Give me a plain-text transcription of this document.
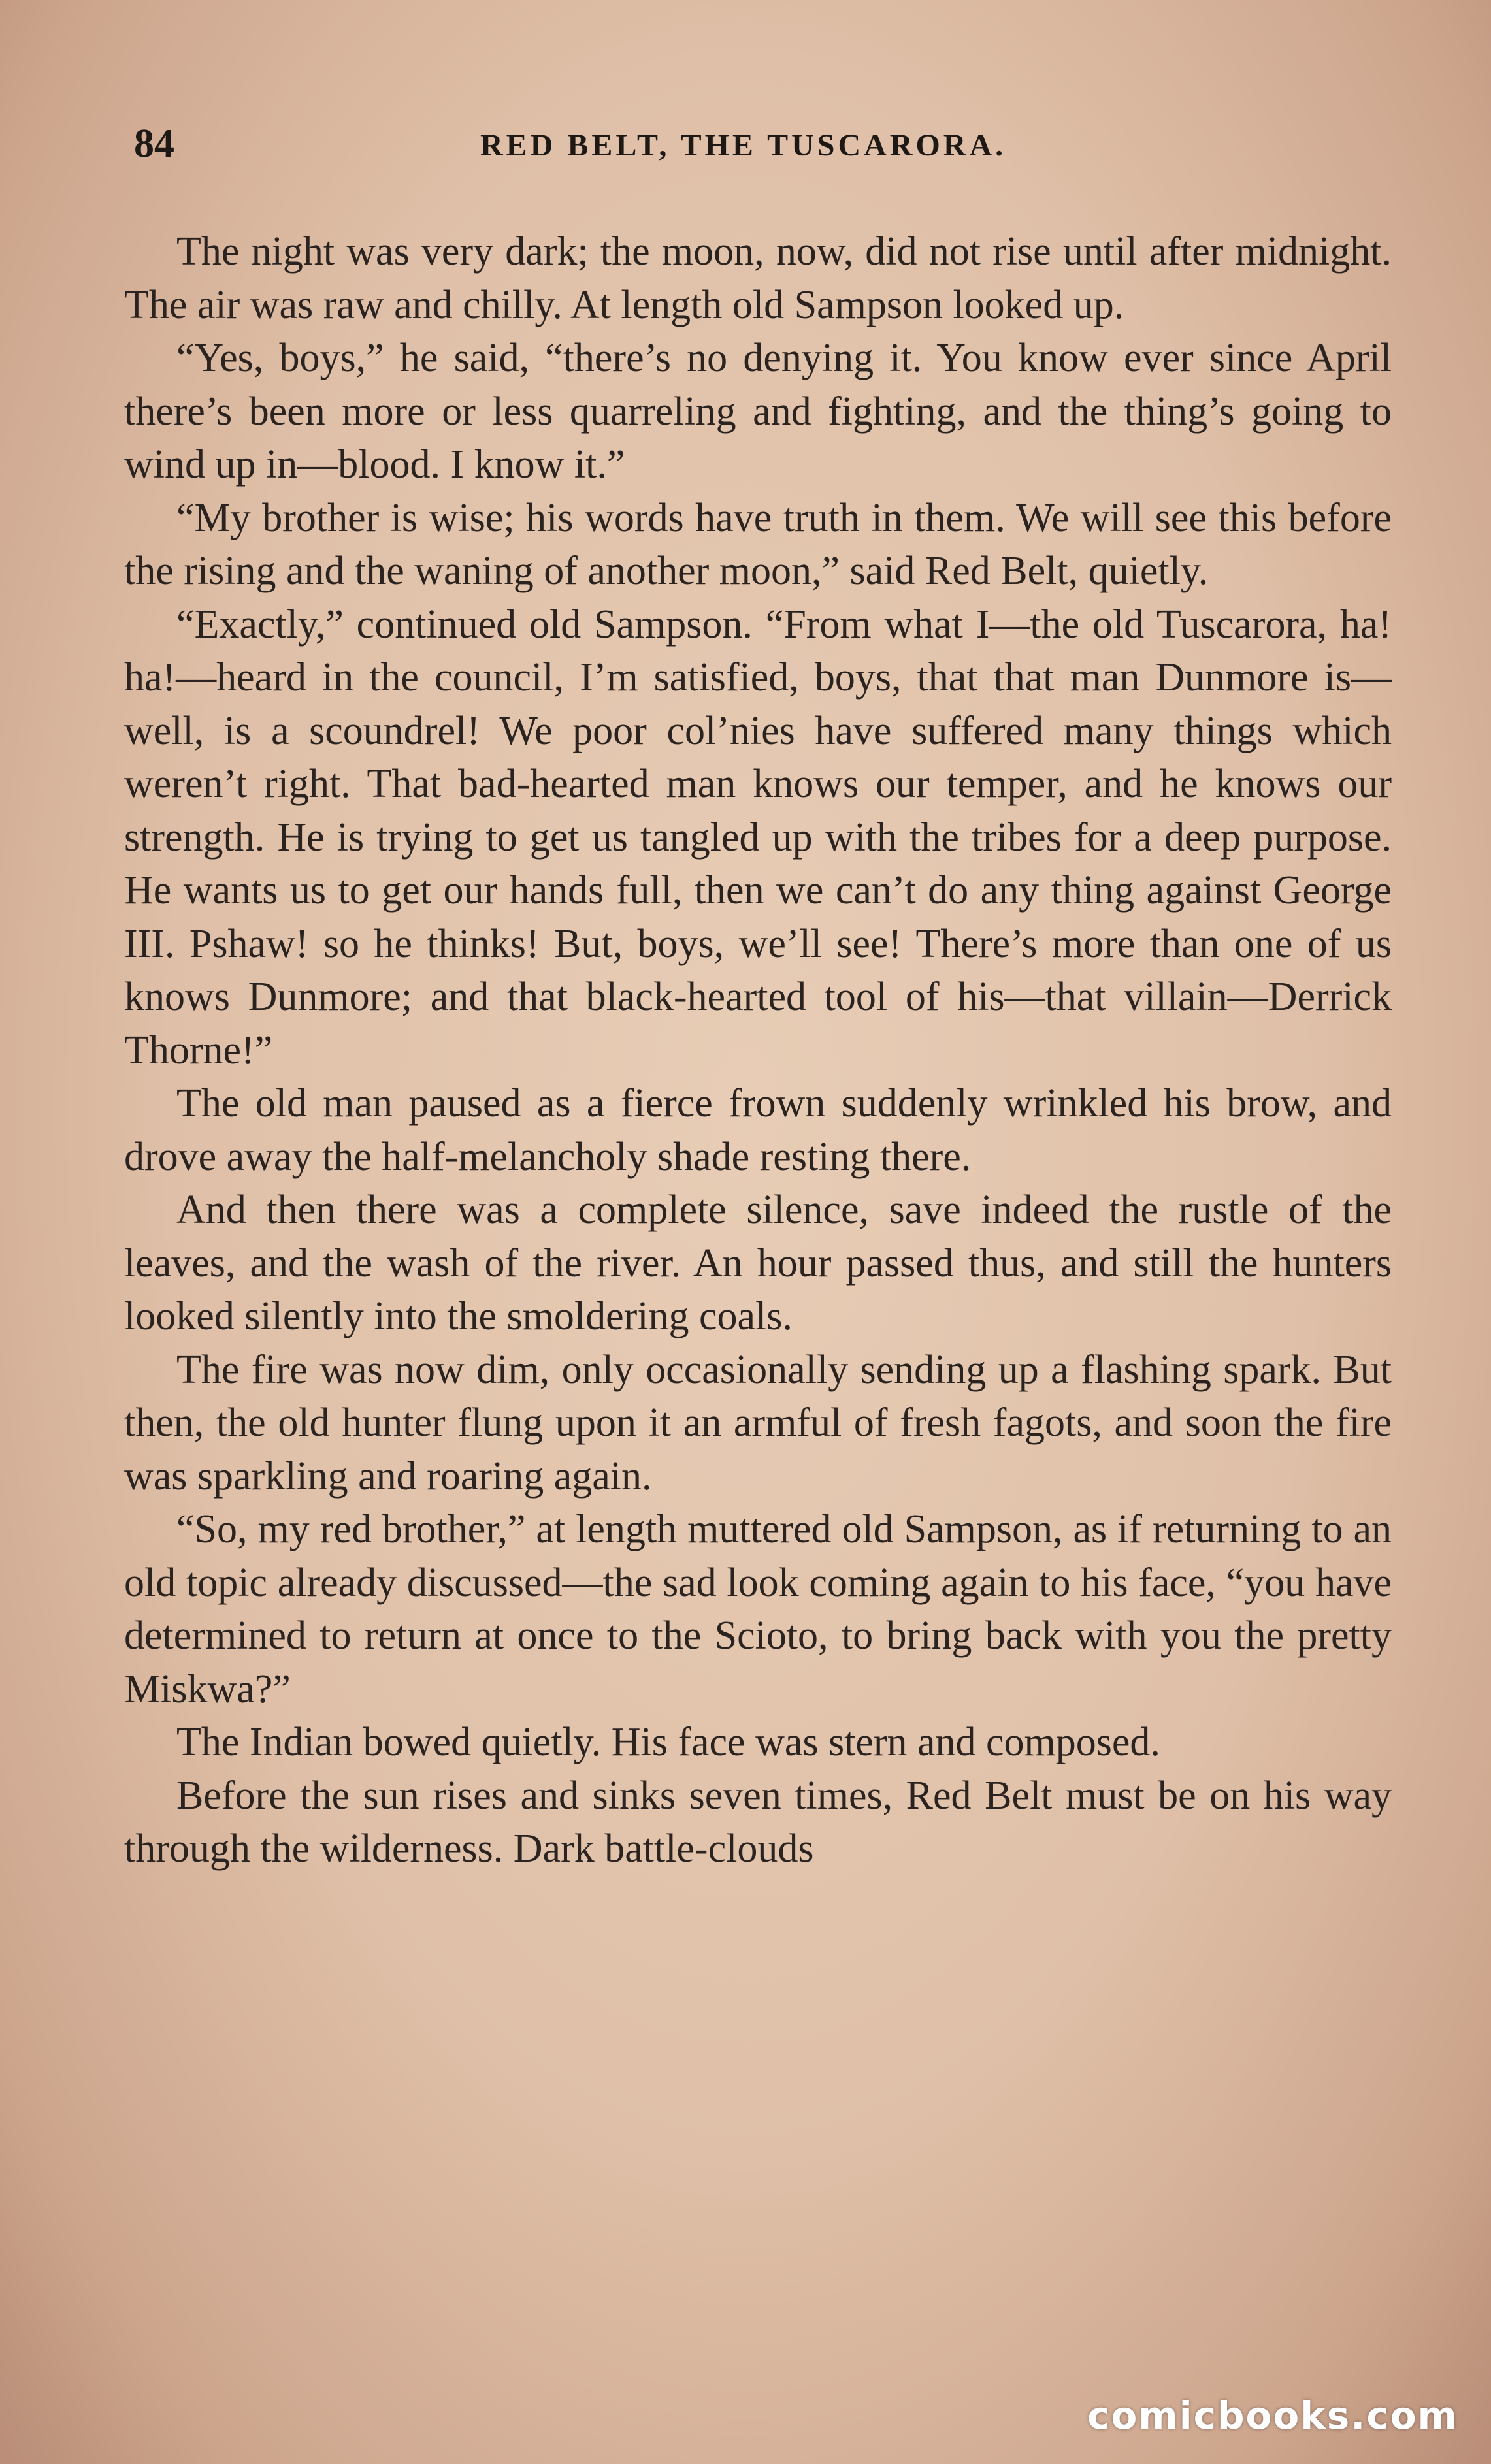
84	RED BELT, THE TUSCARORA.

The night was very dark; the moon, now, did not rise until after midnight. The air was raw and chilly. At length old Sampson looked up.

“Yes, boys,” he said, “there’s no denying it. You know ever since April there’s been more or less quarreling and fighting, and the thing’s going to wind up in—blood. I know it.”

“My brother is wise; his words have truth in them. We will see this before the rising and the waning of another moon,” said Red Belt, quietly.

“Exactly,” continued old Sampson. “From what I—the old Tuscarora, ha! ha!—heard in the council, I’m satisfied, boys, that that man Dunmore is—well, is a scoundrel! We poor col’nies have suffered many things which weren’t right. That bad-hearted man knows our temper, and he knows our strength. He is trying to get us tangled up with the tribes for a deep purpose. He wants us to get our hands full, then we can’t do any thing against George III. Pshaw! so he thinks! But, boys, we’ll see! There’s more than one of us knows Dunmore; and that black-hearted tool of his—that villain—Derrick Thorne!”

The old man paused as a fierce frown suddenly wrinkled his brow, and drove away the half-melancholy shade resting there.

And then there was a complete silence, save indeed the rustle of the leaves, and the wash of the river. An hour passed thus, and still the hunters looked silently into the smoldering coals.

The fire was now dim, only occasionally sending up a flashing spark. But then, the old hunter flung upon it an armful of fresh fagots, and soon the fire was sparkling and roaring again.

“So, my red brother,” at length muttered old Sampson, as if returning to an old topic already discussed—the sad look coming again to his face, “you have determined to return at once to the Scioto, to bring back with you the pretty Miskwa?”

The Indian bowed quietly. His face was stern and composed.

Before the sun rises and sinks seven times, Red Belt must be on his way through the wilderness. Dark battle-clouds

comicbooks.com
